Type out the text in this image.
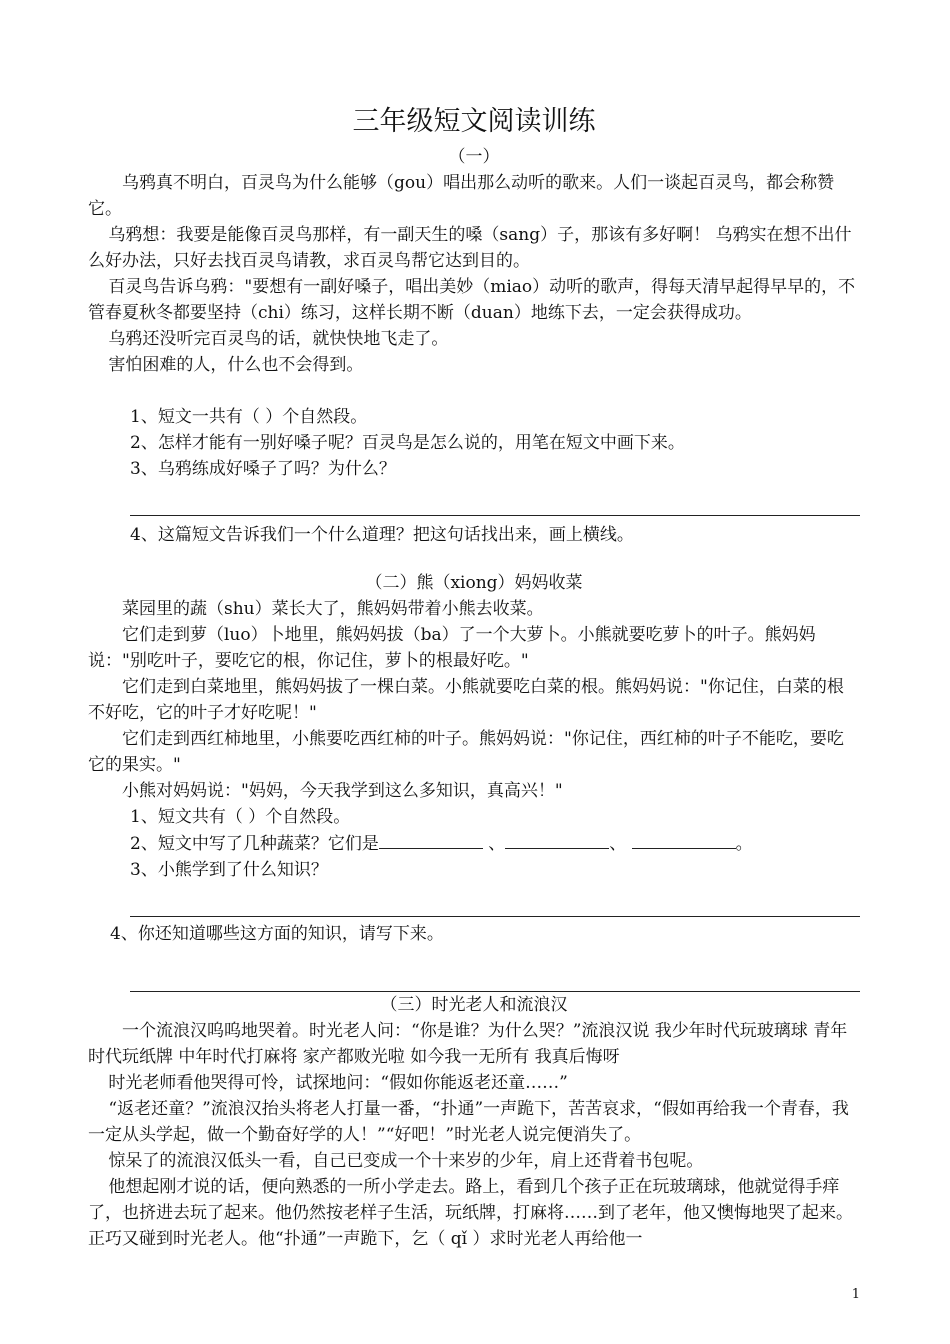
三年级短文阅读训练

（一）

乌鸦真不明白，百灵鸟为什么能够（gou）唱出那么动听的歌来。人们一谈起百灵鸟，都会称赞它。

乌鸦想：我要是能像百灵鸟那样，有一副天生的嗓（sang）子，那该有多好啊！ 乌鸦实在想不出什么好办法，只好去找百灵鸟请教，求百灵鸟帮它达到目的。

百灵鸟告诉乌鸦："要想有一副好嗓子，唱出美妙（miao）动听的歌声，得每天清早起得早早的，不管春夏秋冬都要坚持（chi）练习，这样长期不断（duan）地练下去，一定会获得成功。

乌鸦还没听完百灵鸟的话，就快快地飞走了。

害怕困难的人，什么也不会得到。

1、短文一共有（ ）个自然段。

2、怎样才能有一别好嗓子呢？百灵鸟是怎么说的，用笔在短文中画下来。

3、乌鸦练成好嗓子了吗？为什么？

4、这篇短文告诉我们一个什么道理？把这句话找出来，画上横线。

（二）熊（xiong）妈妈收菜

菜园里的蔬（shu）菜长大了，熊妈妈带着小熊去收菜。

它们走到萝（luo）卜地里，熊妈妈拔（ba）了一个大萝卜。小熊就要吃萝卜的叶子。熊妈妈说："别吃叶子，要吃它的根，你记住，萝卜的根最好吃。"

它们走到白菜地里，熊妈妈拔了一棵白菜。小熊就要吃白菜的根。熊妈妈说："你记住，白菜的根不好吃，它的叶子才好吃呢！"

它们走到西红柿地里，小熊要吃西红柿的叶子。熊妈妈说："你记住，西红柿的叶子不能吃，要吃它的果实。"

小熊对妈妈说："妈妈，今天我学到这么多知识，真高兴！"

1、短文共有（ ）个自然段。

2、短文中写了几种蔬菜？它们是	、	、	。

3、小熊学到了什么知识？

4、你还知道哪些这方面的知识，请写下来。

（三）时光老人和流浪汉

一个流浪汉呜呜地哭着。时光老人问：“你是谁？为什么哭？”流浪汉说 我少年时代玩玻璃球 青年时代玩纸牌 中年时代打麻将 家产都败光啦 如今我一无所有 我真后悔呀

时光老师看他哭得可怜，试探地问：“假如你能返老还童……”

“返老还童？”流浪汉抬头将老人打量一番，“扑通”一声跪下，苦苦哀求，“假如再给我一个青春，我一定从头学起，做一个勤奋好学的人！”“好吧！”时光老人说完便消失了。

惊呆了的流浪汉低头一看，自己已变成一个十来岁的少年，肩上还背着书包呢。

他想起刚才说的话，便向熟悉的一所小学走去。路上，看到几个孩子正在玩玻璃球，他就觉得手痒了，也挤进去玩了起来。他仍然按老样子生活，玩纸牌，打麻将……到了老年，他又懊悔地哭了起来。正巧又碰到时光老人。他“扑通”一声跪下，乞（ qǐ ）求时光老人再给他一

1
